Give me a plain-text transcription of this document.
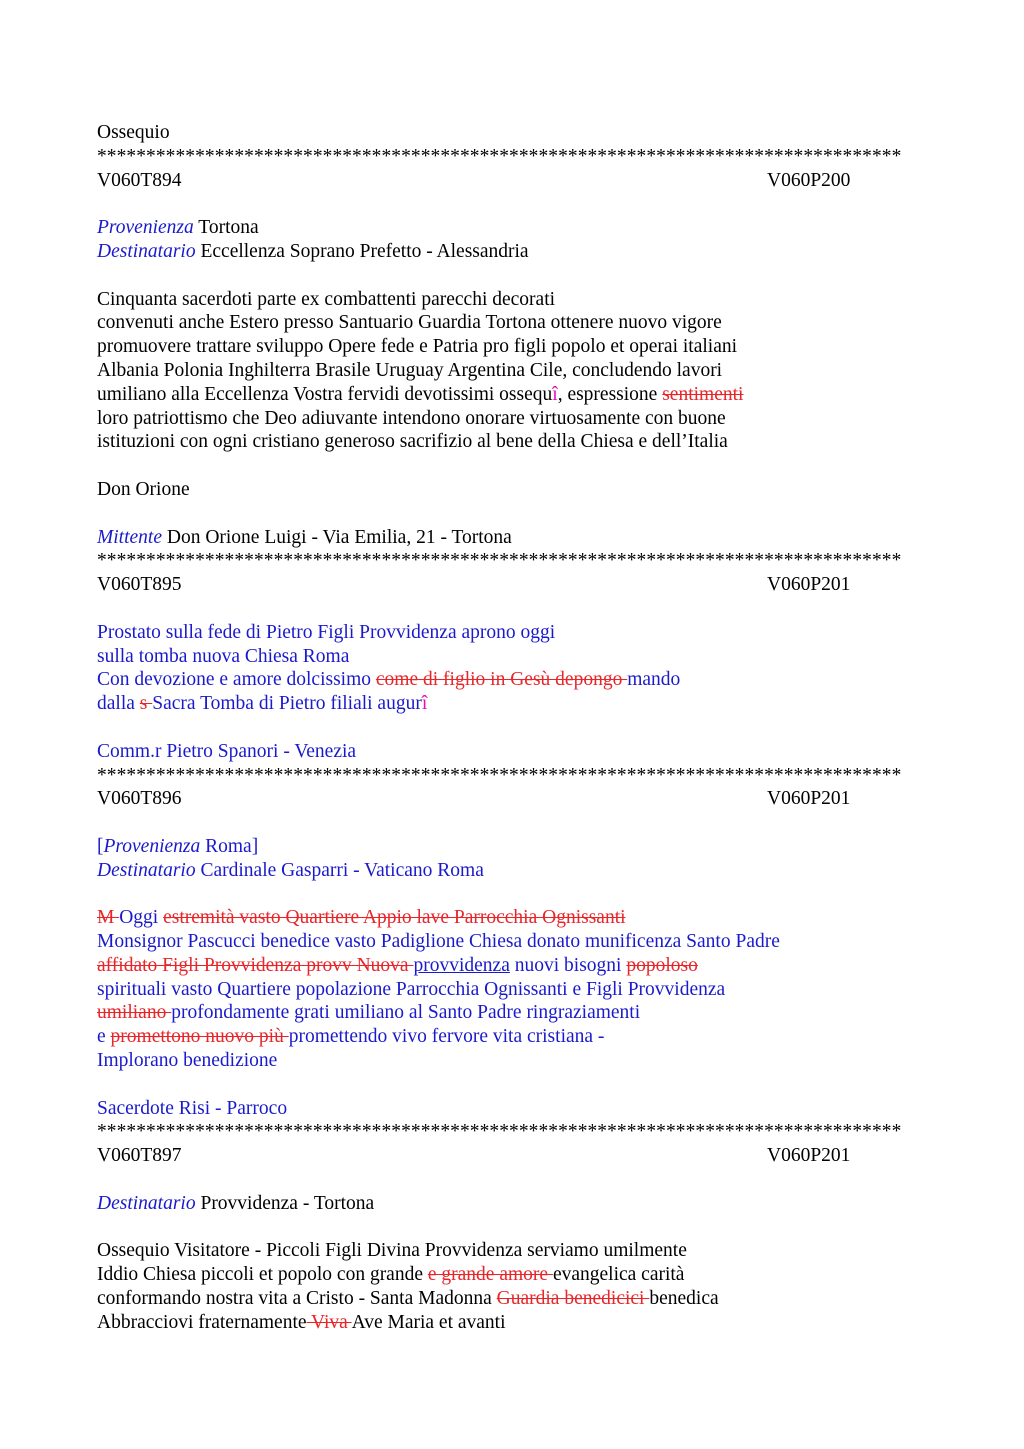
Ossequio
**********************************************************************************
V060T894	V060P200
Provenienza Tortona
Destinatario Eccellenza Soprano Prefetto - Alessandria
Cinquanta sacerdoti parte ex combattenti parecchi decorati
convenuti anche Estero presso Santuario Guardia Tortona ottenere nuovo vigore
promuovere trattare sviluppo Opere fede e Patria pro figli popolo et operai italiani
Albania Polonia Inghilterra Brasile Uruguay Argentina Cile, concludendo lavori
umiliano alla Eccellenza Vostra fervidi devotissimi ossequî, espressione sentimenti
loro patriottismo che Deo adiuvante intendono onorare virtuosamente con buone
istituzioni con ogni cristiano generoso sacrifizio al bene della Chiesa e dell’Italia
Don Orione
Mittente Don Orione Luigi - Via Emilia, 21 - Tortona
**********************************************************************************
V060T895	V060P201
Prostato sulla fede di Pietro Figli Provvidenza aprono oggi
sulla tomba nuova Chiesa Roma
Con devozione e amore dolcissimo come di figlio in Gesù depongo mando
dalla s Sacra Tomba di Pietro filiali augurî
Comm.r Pietro Spanori - Venezia
**********************************************************************************
V060T896	V060P201
[Provenienza Roma]
Destinatario Cardinale Gasparri - Vaticano Roma
M Oggi estremità vasto Quartiere Appio lave Parrocchia Ognissanti
Monsignor Pascucci benedice vasto Padiglione Chiesa donato munificenza Santo Padre
affidato Figli Provvidenza provv Nuova provvidenza nuovi bisogni popoloso
spirituali vasto Quartiere popolazione Parrocchia Ognissanti e Figli Provvidenza
umiliano profondamente grati umiliano al Santo Padre ringraziamenti
e promettono nuovo più promettendo vivo fervore vita cristiana -
Implorano benedizione
Sacerdote Risi - Parroco
**********************************************************************************
V060T897	V060P201
Destinatario Provvidenza - Tortona
Ossequio Visitatore - Piccoli Figli Divina Provvidenza serviamo umilmente
Iddio Chiesa piccoli et popolo con grande e grande amore evangelica carità
conformando nostra vita a Cristo - Santa Madonna Guardia benedicici benedica
Abbracciovi fraternamente Viva Ave Maria et avanti
